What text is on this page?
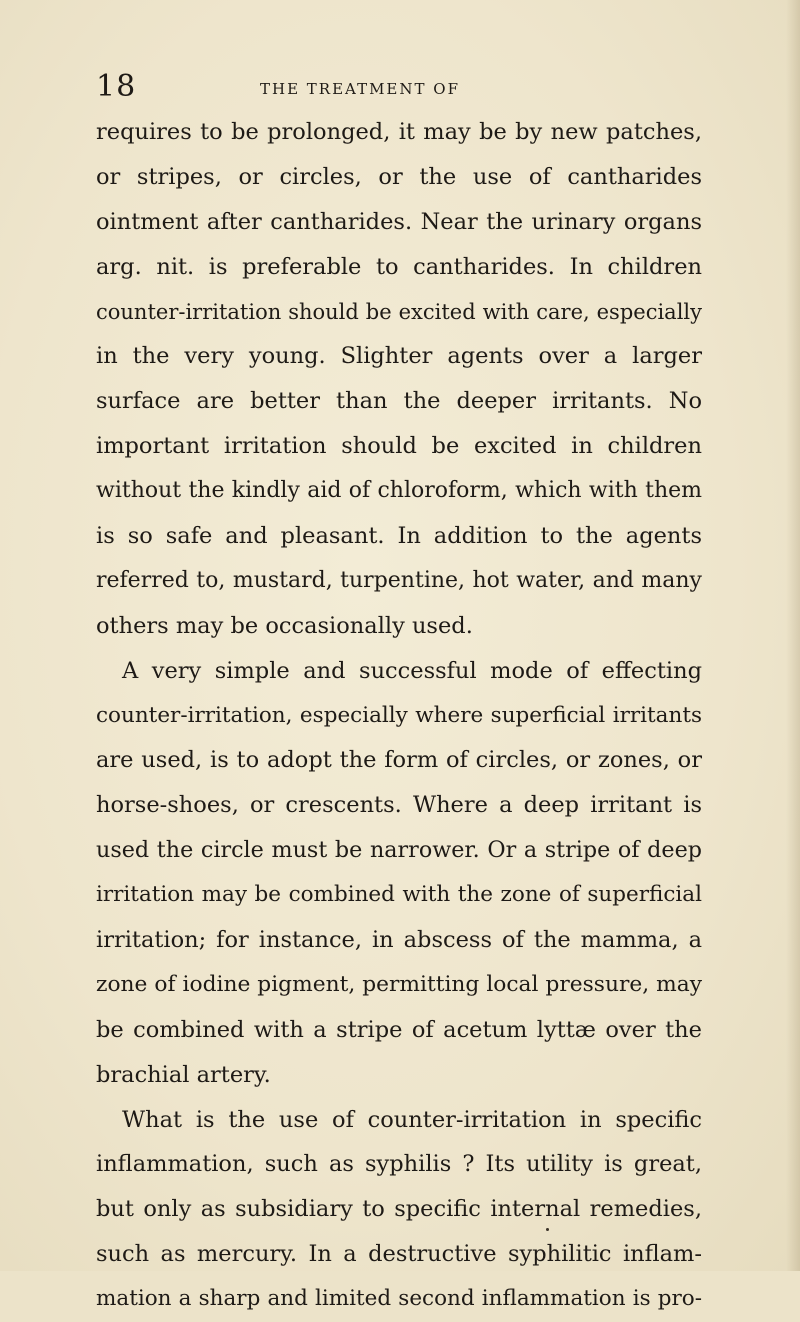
18	THE TREATMENT OF
requires to be prolonged, it may be by new patches,
or stripes, or circles, or the use of cantharides
ointment after cantharides. Near the urinary organs
arg. nit. is preferable to cantharides. In children
counter-irritation should be excited with care, especially
in the very young. Slighter agents over a larger
surface are better than the deeper irritants. No
important irritation should be excited in children
without the kindly aid of chloroform, which with them
is so safe and pleasant. In addition to the agents
referred to, mustard, turpentine, hot water, and many
others may be occasionally used.
A very simple and successful mode of effecting
counter-irritation, especially where superficial irritants
are used, is to adopt the form of circles, or zones, or
horse-shoes, or crescents. Where a deep irritant is
used the circle must be narrower. Or a stripe of deep
irritation may be combined with the zone of superficial
irritation; for instance, in abscess of the mamma, a
zone of iodine pigment, permitting local pressure, may
be combined with a stripe of acetum lyttæ over the
brachial artery.
What is the use of counter-irritation in specific
inflammation, such as syphilis ? Its utility is great,
but only as subsidiary to specific internal remedies,
such as mercury. In a destructive syphilitic inflam-
mation a sharp and limited second inflammation is pro-
